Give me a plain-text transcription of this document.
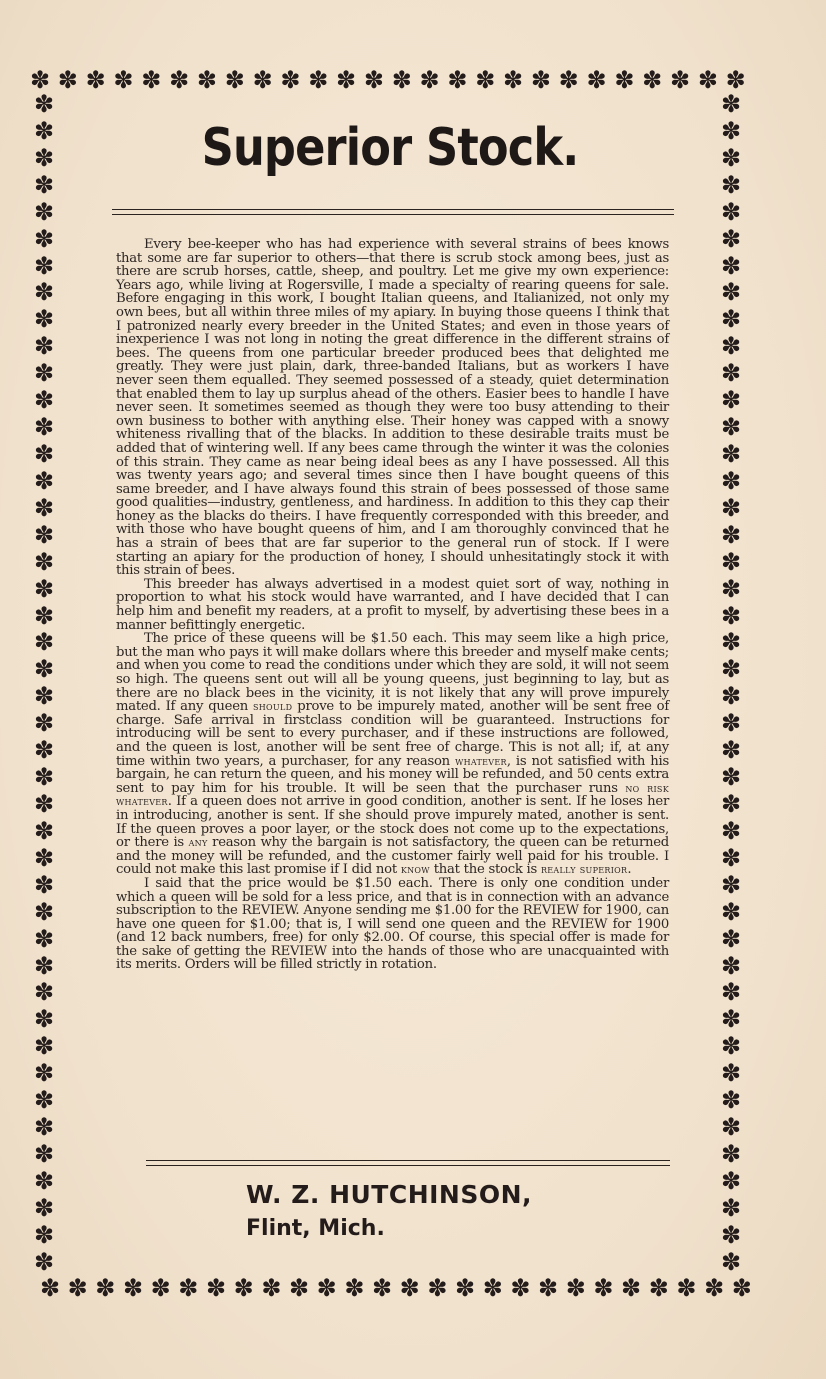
✽ ✽ ✽ ✽ ✽ ✽ ✽ ✽ ✽ ✽ ✽ ✽ ✽ ✽ ✽ ✽ ✽ ✽ ✽ ✽ ✽ ✽ ✽ ✽ ✽ ✽
✽ ✽ ✽ ✽ ✽ ✽ ✽ ✽ ✽ ✽ ✽ ✽ ✽ ✽ ✽ ✽ ✽ ✽ ✽ ✽ ✽ ✽ ✽ ✽ ✽ ✽
✽
✽
✽
✽
✽
✽
✽
✽
✽
✽
✽
✽
✽
✽
✽
✽
✽
✽
✽
✽
✽
✽
✽
✽
✽
✽
✽
✽
✽
✽
✽
✽
✽
✽
✽
✽
✽
✽
✽
✽
✽
✽
✽
✽
✽
✽
✽
✽
✽
✽
✽
✽
✽
✽
✽
✽
✽
✽
✽
✽
✽
✽
✽
✽
✽
✽
✽
✽
✽
✽
✽
✽
✽
✽
✽
✽
✽
✽
✽
✽
✽
✽
✽
✽
✽
✽
✽
✽
Superior Stock.

Every bee-keeper who has had experience with several strains of bees knows that some are far superior to others—that there is scrub stock among bees, just as there are scrub horses, cattle, sheep, and poultry. Let me give my own experience: Years ago, while living at Rogersville, I made a specialty of rearing queens for sale. Before engaging in this work, I bought Italian queens, and Italianized, not only my own bees, but all within three miles of my apiary. In buying those queens I think that I patronized nearly every breeder in the United States; and even in those years of inexperience I was not long in noting the great difference in the different strains of bees. The queens from one particular breeder produced bees that delighted me greatly. They were just plain, dark, three-banded Italians, but as workers I have never seen them equalled. They seemed possessed of a steady, quiet determination that enabled them to lay up surplus ahead of the others. Easier bees to handle I have never seen. It sometimes seemed as though they were too busy attending to their own business to bother with anything else. Their honey was capped with a snowy whiteness rivalling that of the blacks. In addition to these desirable traits must be added that of wintering well. If any bees came through the winter it was the colonies of this strain. They came as near being ideal bees as any I have possessed. All this was twenty years ago; and several times since then I have bought queens of this same breeder, and I have always found this strain of bees possessed of those same good qualities—industry, gentleness, and hardiness. In addition to this they cap their honey as the blacks do theirs. I have frequently corresponded with this breeder, and with those who have bought queens of him, and I am thoroughly convinced that he has a strain of bees that are far superior to the general run of stock. If I were starting an apiary for the production of honey, I should unhesitatingly stock it with this strain of bees.

This breeder has always advertised in a modest quiet sort of way, nothing in proportion to what his stock would have warranted, and I have decided that I can help him and benefit my readers, at a profit to myself, by advertising these bees in a manner befittingly energetic.

The price of these queens will be $1.50 each. This may seem like a high price, but the man who pays it will make dollars where this breeder and myself make cents; and when you come to read the conditions under which they are sold, it will not seem so high. The queens sent out will all be young queens, just beginning to lay, but as there are no black bees in the vicinity, it is not likely that any will prove impurely mated. If any queen should prove to be impurely mated, another will be sent free of charge. Safe arrival in firstclass condition will be guaranteed. Instructions for introducing will be sent to every purchaser, and if these instructions are followed, and the queen is lost, another will be sent free of charge. This is not all; if, at any time within two years, a purchaser, for any reason whatever, is not satisfied with his bargain, he can return the queen, and his money will be refunded, and 50 cents extra sent to pay him for his trouble. It will be seen that the purchaser runs no risk whatever. If a queen does not arrive in good condition, another is sent. If he loses her in introducing, another is sent. If she should prove impurely mated, another is sent. If the queen proves a poor layer, or the stock does not come up to the expectations, or there is any reason why the bargain is not satisfactory, the queen can be returned and the money will be refunded, and the customer fairly well paid for his trouble. I could not make this last promise if I did not know that the stock is really superior.

I said that the price would be $1.50 each. There is only one condition under which a queen will be sold for a less price, and that is in connection with an advance subscription to the REVIEW. Anyone sending me $1.00 for the REVIEW for 1900, can have one queen for $1.00; that is, I will send one queen and the REVIEW for 1900 (and 12 back numbers, free) for only $2.00. Of course, this special offer is made for the sake of getting the REVIEW into the hands of those who are unacquainted with its merits. Orders will be filled strictly in rotation.

W. Z. HUTCHINSON,
Flint, Mich.
